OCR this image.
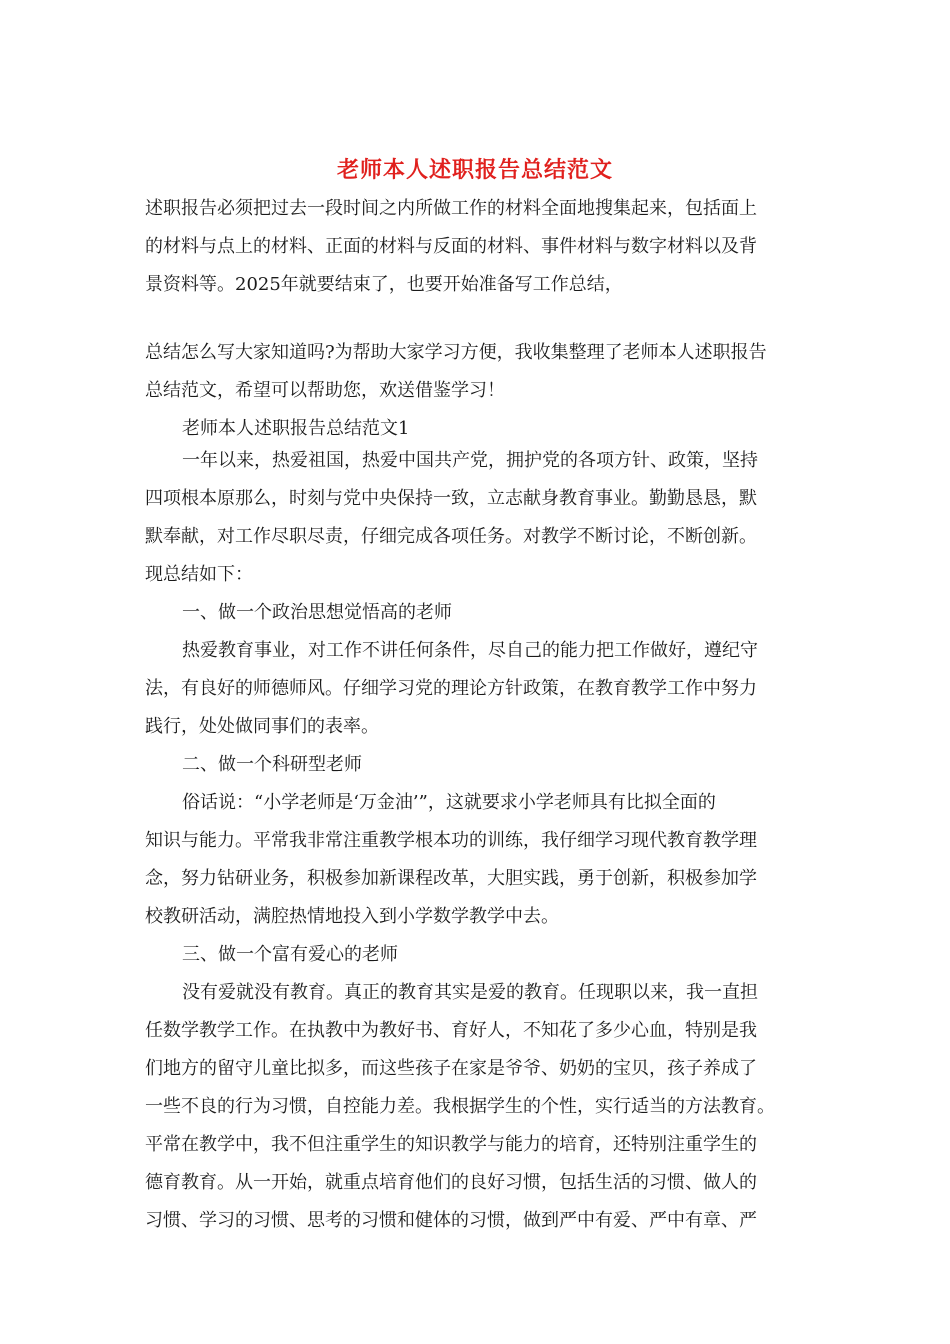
老师本人述职报告总结范文
述职报告必须把过去一段时间之内所做工作的材料全面地搜集起来，包括面上
的材料与点上的材料、正面的材料与反面的材料、事件材料与数字材料以及背
景资料等。2025年就要结束了，也要开始准备写工作总结，
总结怎么写大家知道吗?为帮助大家学习方便，我收集整理了老师本人述职报告
总结范文，希望可以帮助您，欢送借鉴学习！
老师本人述职报告总结范文1
一年以来，热爱祖国，热爱中国共产党，拥护党的各项方针、政策，坚持
四项根本原那么，时刻与党中央保持一致，立志献身教育事业。勤勤恳恳，默
默奉献，对工作尽职尽责，仔细完成各项任务。对教学不断讨论，不断创新。
现总结如下：
一、做一个政治思想觉悟高的老师
热爱教育事业，对工作不讲任何条件，尽自己的能力把工作做好，遵纪守
法，有良好的师德师风。仔细学习党的理论方针政策，在教育教学工作中努力
践行，处处做同事们的表率。
二、做一个科研型老师
俗话说：“小学老师是‘万金油’”，这就要求小学老师具有比拟全面的
知识与能力。平常我非常注重教学根本功的训练，我仔细学习现代教育教学理
念，努力钻研业务，积极参加新课程改革，大胆实践，勇于创新，积极参加学
校教研活动，满腔热情地投入到小学数学教学中去。
三、做一个富有爱心的老师
没有爱就没有教育。真正的教育其实是爱的教育。任现职以来，我一直担
任数学教学工作。在执教中为教好书、育好人，不知花了多少心血，特别是我
们地方的留守儿童比拟多，而这些孩子在家是爷爷、奶奶的宝贝，孩子养成了
一些不良的行为习惯，自控能力差。我根据学生的个性，实行适当的方法教育。
平常在教学中，我不但注重学生的知识教学与能力的培育，还特别注重学生的
德育教育。从一开始，就重点培育他们的良好习惯，包括生活的习惯、做人的
习惯、学习的习惯、思考的习惯和健体的习惯，做到严中有爱、严中有章、严
